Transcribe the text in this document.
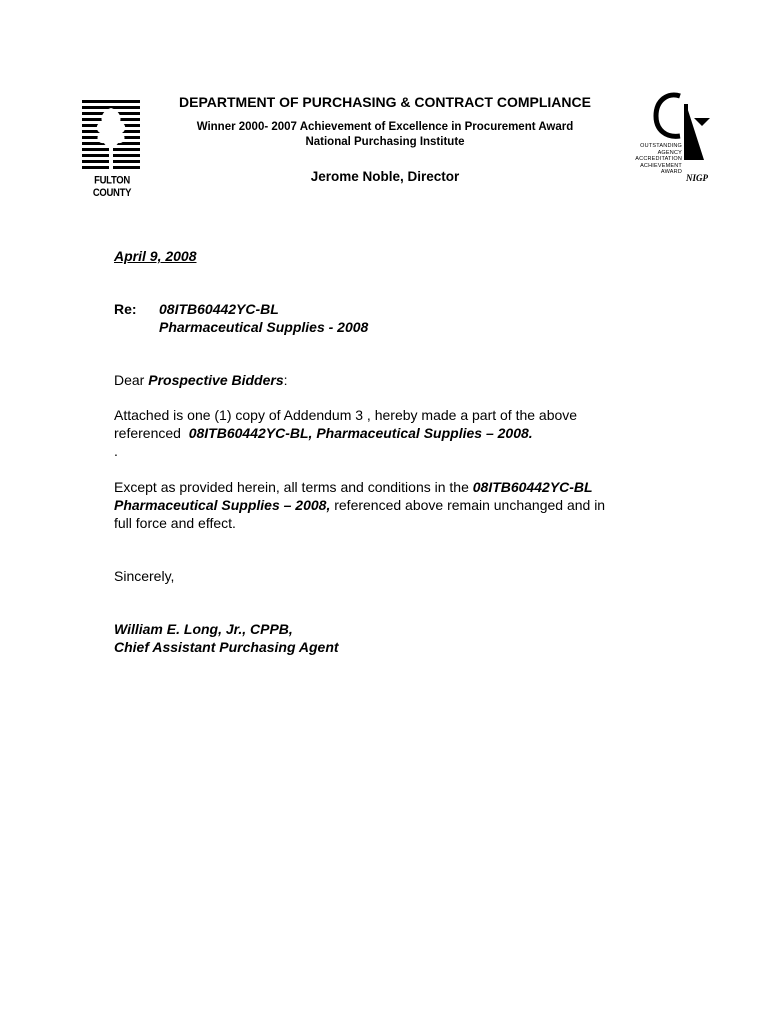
FULTON COUNTY
DEPARTMENT OF PURCHASING & CONTRACT COMPLIANCE
Winner 2000- 2007 Achievement of Excellence in Procurement Award
National Purchasing Institute
Jerome Noble, Director
OUTSTANDING
AGENCY
ACCREDITATION
ACHIEVEMENT
AWARD
NIGP
April 9, 2008
Re: 08ITB60442YC-BL
Pharmaceutical Supplies - 2008
Dear Prospective Bidders:
Attached is one (1) copy of Addendum 3 , hereby made a part of the above
referenced  08ITB60442YC-BL, Pharmaceutical Supplies – 2008.
.
Except as provided herein, all terms and conditions in the 08ITB60442YC-BL
Pharmaceutical Supplies – 2008, referenced above remain unchanged and in
full force and effect.
Sincerely,
William E. Long, Jr., CPPB,
Chief Assistant Purchasing Agent
